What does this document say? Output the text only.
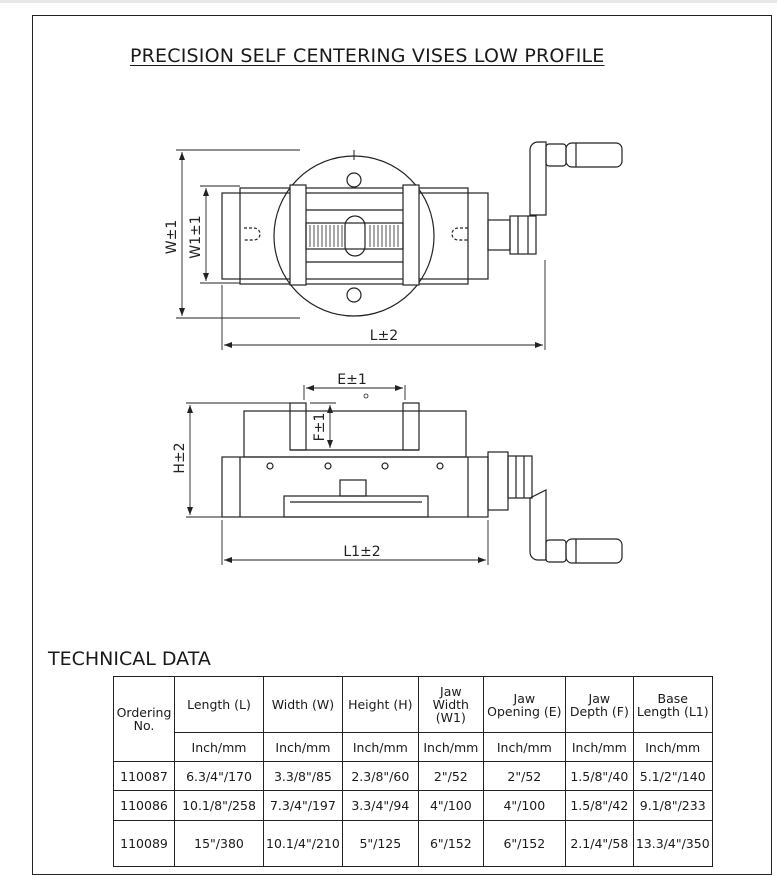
PRECISION SELF CENTERING VISES LOW PROFILE
W±1 W1±1
L±2
E±1
F±1
H±2
L1±2
TECHNICAL DATA
Ordering No.	Length (L)	Width (W)	Height (H)	Jaw Width (W1)	Jaw Opening (E)	Jaw Depth (F)	Base Length (L1)
	Inch/mm	Inch/mm	Inch/mm	Inch/mm	Inch/mm	Inch/mm	Inch/mm
110087	6.3/4"/170	3.3/8"/85	2.3/8"/60	2"/52	2"/52	1.5/8"/40	5.1/2"/140
110086	10.1/8"/258	7.3/4"/197	3.3/4"/94	4"/100	4"/100	1.5/8"/42	9.1/8"/233
110089	15"/380	10.1/4"/210	5"/125	6"/152	6"/152	2.1/4"/58	13.3/4"/350
